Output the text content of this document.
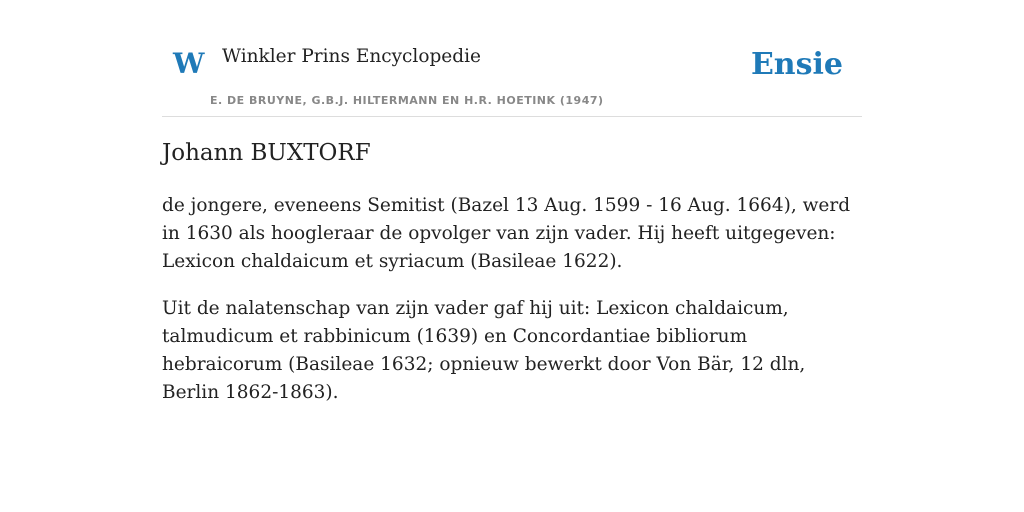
W Winkler Prins Encyclopedie
E. DE BRUYNE, G.B.J. HILTERMANN EN H.R. HOETINK (1947)
Ensie
Johann BUXTORF

de jongere, eveneens Semitist (Bazel 13 Aug. 1599 - 16 Aug. 1664), werd in 1630 als hoogleraar de opvolger van zijn vader. Hij heeft uitgegeven: Lexicon chaldaicum et syriacum (Basileae 1622).

Uit de nalatenschap van zijn vader gaf hij uit: Lexicon chaldaicum, talmudicum et rabbinicum (1639) en Concordantiae bibliorum hebraicorum (Basileae 1632; opnieuw bewerkt door Von Bär, 12 dln, Berlin 1862-1863).
